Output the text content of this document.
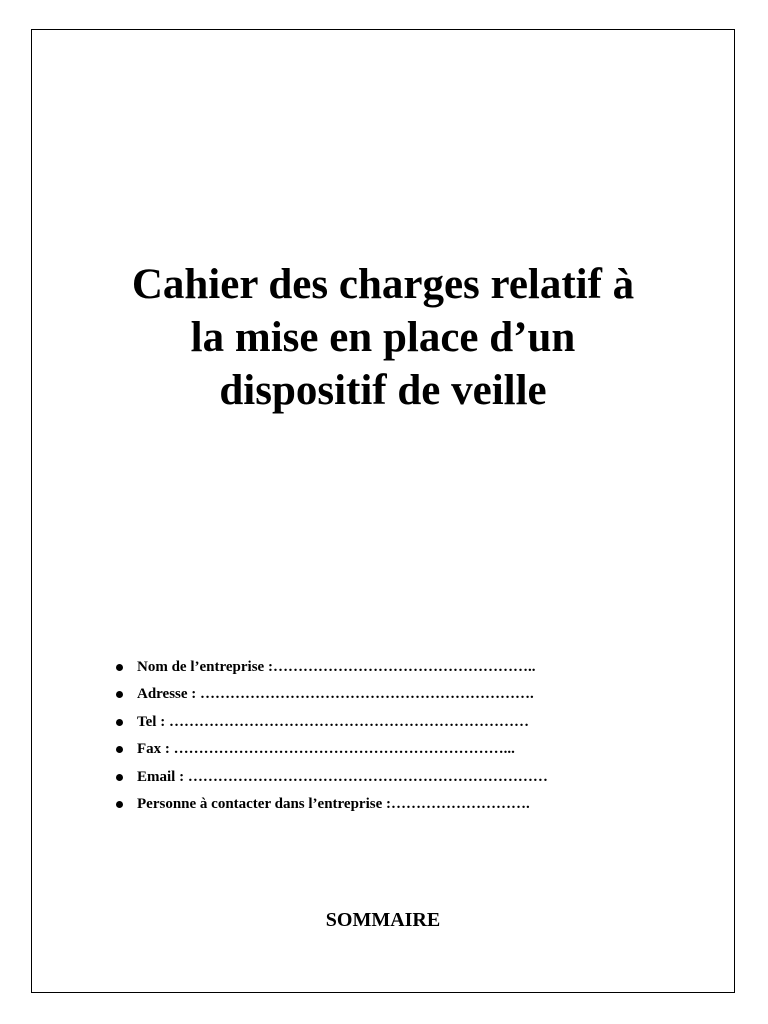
Cahier des charges relatif à
la mise en place d’un
dispositif de veille
Nom de l’entreprise :……………………………………………..
Adresse : ………………………………………………………….
Tel : ………………………………………………………………
Fax : …………………………………………………………...
Email : ………………………………………………………………
Personne à contacter dans l’entreprise :……………………….
SOMMAIRE
